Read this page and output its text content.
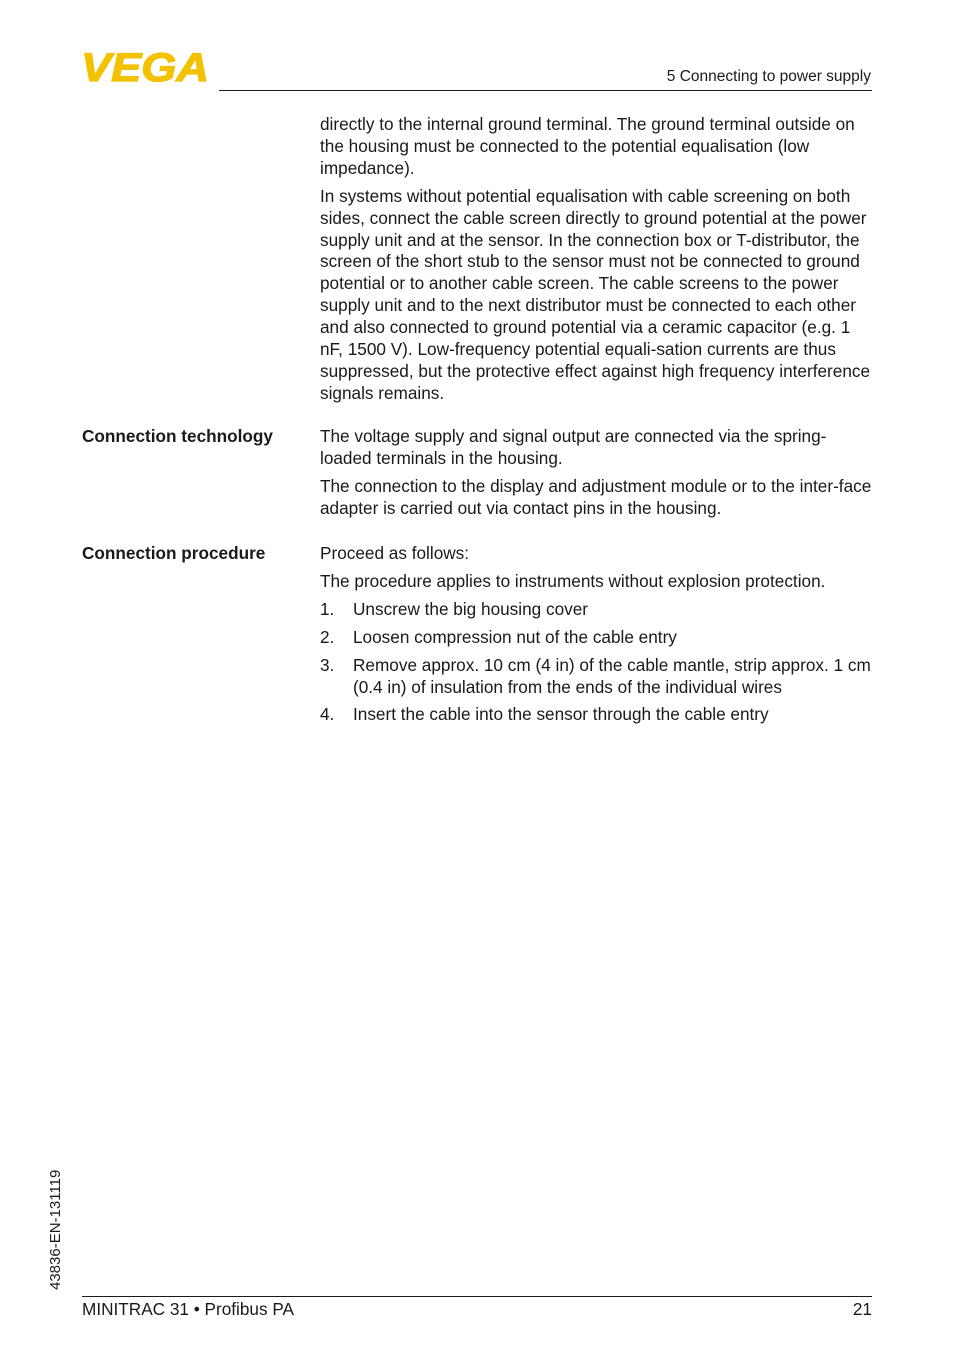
VEGA	5 Connecting to power supply

directly to the internal ground terminal. The ground terminal outside on the housing must be connected to the potential equalisation (low impedance).

In systems without potential equalisation with cable screening on both sides, connect the cable screen directly to ground potential at the power supply unit and at the sensor. In the connection box or T-distributor, the screen of the short stub to the sensor must not be connected to ground potential or to another cable screen. The cable screens to the power supply unit and to the next distributor must be connected to each other and also connected to ground potential via a ceramic capacitor (e.g. 1 nF, 1500 V). Low-frequency potential equali-sation currents are thus suppressed, but the protective effect against high frequency interference signals remains.

Connection technology	The voltage supply and signal output are connected via the spring-loaded terminals in the housing.

The connection to the display and adjustment module or to the inter-face adapter is carried out via contact pins in the housing.

Connection procedure	Proceed as follows:

The procedure applies to instruments without explosion protection.

1. Unscrew the big housing cover
2. Loosen compression nut of the cable entry
3. Remove approx. 10 cm (4 in) of the cable mantle, strip approx. 1 cm (0.4 in) of insulation from the ends of the individual wires
4. Insert the cable into the sensor through the cable entry
43836-EN-131119
MINITRAC 31 • Profibus PA	21
